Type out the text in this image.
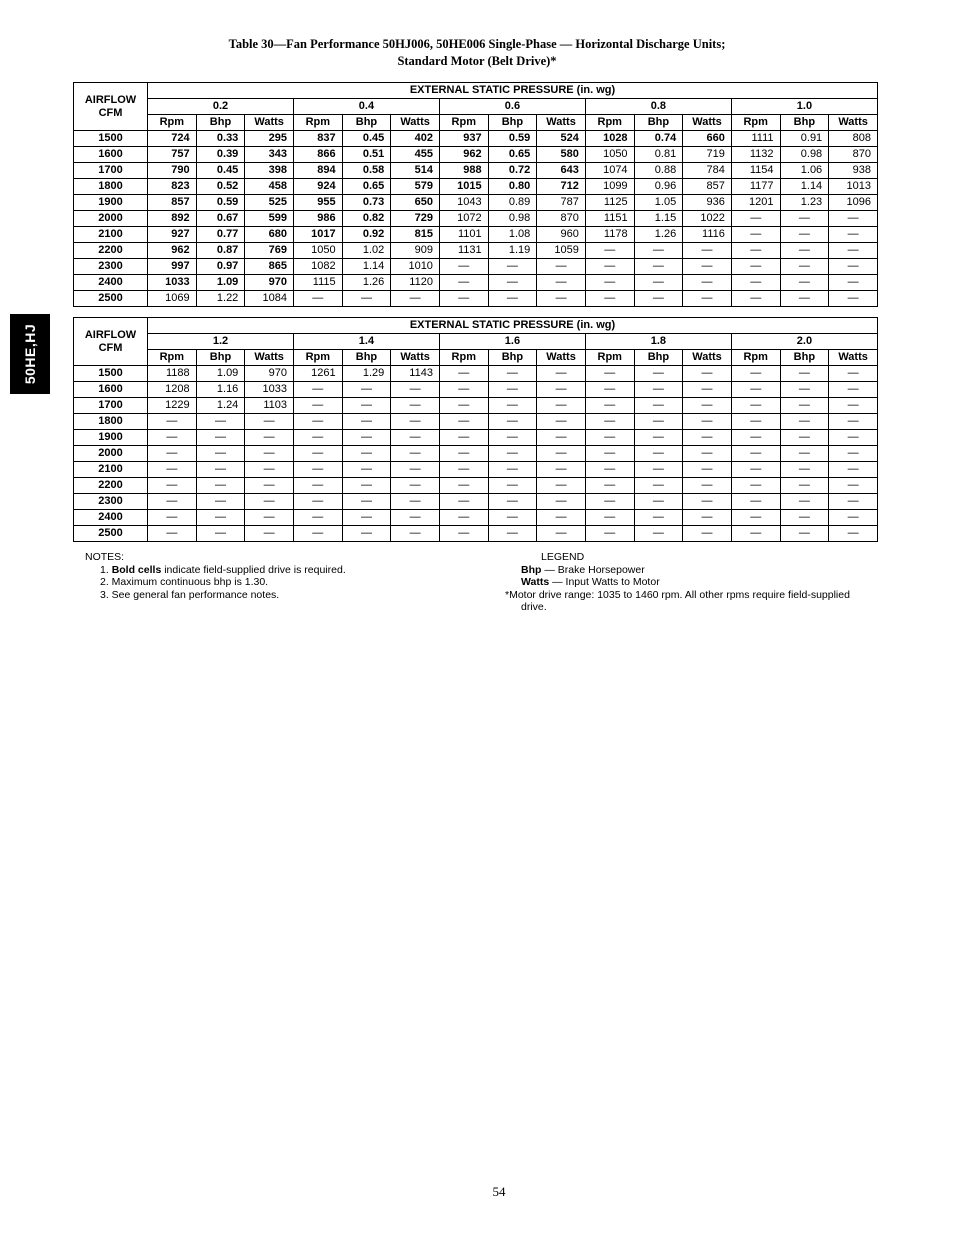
Table 30—Fan Performance 50HJ006, 50HE006 Single-Phase — Horizontal Discharge Units;
Standard Motor (Belt Drive)*
50HE,HJ
AIRFLOW
CFM	EXTERNAL STATIC PRESSURE (in. wg)														
	0.2			0.4			0.6			0.8			1.0		
	Rpm	Bhp	Watts	Rpm	Bhp	Watts	Rpm	Bhp	Watts	Rpm	Bhp	Watts	Rpm	Bhp	Watts
1500	724	0.33	295	837	0.45	402	937	0.59	524	1028	0.74	660	1111	0.91	808
1600	757	0.39	343	866	0.51	455	962	0.65	580	1050	0.81	719	1132	0.98	870
1700	790	0.45	398	894	0.58	514	988	0.72	643	1074	0.88	784	1154	1.06	938
1800	823	0.52	458	924	0.65	579	1015	0.80	712	1099	0.96	857	1177	1.14	1013
1900	857	0.59	525	955	0.73	650	1043	0.89	787	1125	1.05	936	1201	1.23	1096
2000	892	0.67	599	986	0.82	729	1072	0.98	870	1151	1.15	1022	—	—	—
2100	927	0.77	680	1017	0.92	815	1101	1.08	960	1178	1.26	1116	—	—	—
2200	962	0.87	769	1050	1.02	909	1131	1.19	1059	—	—	—	—	—	—
2300	997	0.97	865	1082	1.14	1010	—	—	—	—	—	—	—	—	—
2400	1033	1.09	970	1115	1.26	1120	—	—	—	—	—	—	—	—	—
2500	1069	1.22	1084	—	—	—	—	—	—	—	—	—	—	—	—
AIRFLOW
CFM	EXTERNAL STATIC PRESSURE (in. wg)														
	1.2			1.4			1.6			1.8			2.0		
	Rpm	Bhp	Watts	Rpm	Bhp	Watts	Rpm	Bhp	Watts	Rpm	Bhp	Watts	Rpm	Bhp	Watts
1500	1188	1.09	970	1261	1.29	1143	—	—	—	—	—	—	—	—	—
1600	1208	1.16	1033	—	—	—	—	—	—	—	—	—	—	—	—
1700	1229	1.24	1103	—	—	—	—	—	—	—	—	—	—	—	—
1800	—	—	—	—	—	—	—	—	—	—	—	—	—	—	—
1900	—	—	—	—	—	—	—	—	—	—	—	—	—	—	—
2000	—	—	—	—	—	—	—	—	—	—	—	—	—	—	—
2100	—	—	—	—	—	—	—	—	—	—	—	—	—	—	—
2200	—	—	—	—	—	—	—	—	—	—	—	—	—	—	—
2300	—	—	—	—	—	—	—	—	—	—	—	—	—	—	—
2400	—	—	—	—	—	—	—	—	—	—	—	—	—	—	—
2500	—	—	—	—	—	—	—	—	—	—	—	—	—	—	—
NOTES:
1. Bold cells indicate field-supplied drive is required.
2. Maximum continuous bhp is 1.30.
3. See general fan performance notes.
LEGEND
Bhp — Brake Horsepower
Watts — Input Watts to Motor
*Motor drive range: 1035 to 1460 rpm. All other rpms require field-supplied
drive.
54
